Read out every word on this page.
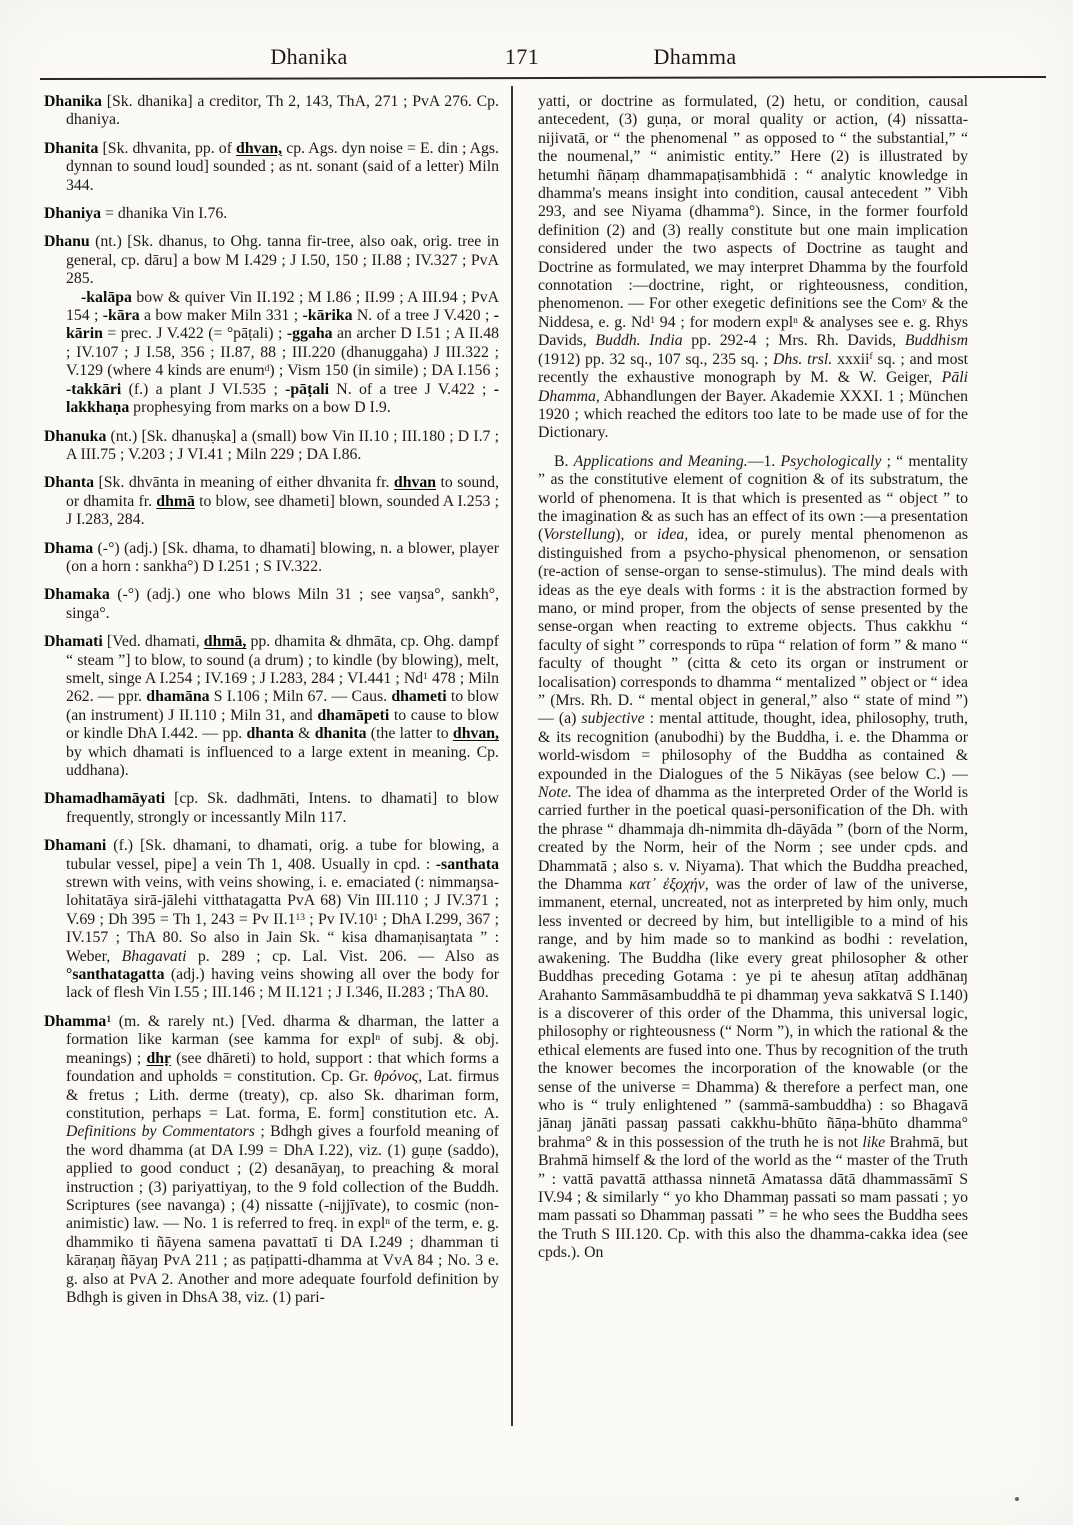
Dhanika	171	Dhamma

Dhanika [Sk. dhanika] a creditor, Th 2, 143, ThA, 271 ; PvA 276. Cp. dhaniya.

Dhanita [Sk. dhvanita, pp. of dhvan, cp. Ags. dyn noise = E. din ; Ags. dynnan to sound loud] sounded ; as nt. sonant (said of a letter) Miln 344.

Dhaniya = dhanika Vin I.76.

Dhanu (nt.) [Sk. dhanus, to Ohg. tanna fir-tree, also oak, orig. tree in general, cp. dāru] a bow M I.429 ; J I.50, 150 ; II.88 ; IV.327 ; PvA 285.

-kalāpa bow & quiver Vin II.192 ; M I.86 ; II.99 ; A III.94 ; PvA 154 ; -kāra a bow maker Miln 331 ; -kārika N. of a tree J V.420 ; -kārin = prec. J V.422 (= °pāṭali) ; -ggaha an archer D I.51 ; A II.48 ; IV.107 ; J I.58, 356 ; II.87, 88 ; III.220 (dhanuggaha) J III.322 ; V.129 (where 4 kinds are enum$^d$) ; Vism 150 (in simile) ; DA I.156 ; -takkāri (f.) a plant J VI.535 ; -pāṭali N. of a tree J V.422 ; -lakkhaṇa prophesying from marks on a bow D I.9.

Dhanuka (nt.) [Sk. dhanuṣka] a (small) bow Vin II.10 ; III.180 ; D I.7 ; A III.75 ; V.203 ; J VI.41 ; Miln 229 ; DA I.86.

Dhanta [Sk. dhvānta in meaning of either dhvanita fr. dhvan to sound, or dhamita fr. dhmā to blow, see dhameti] blown, sounded A I.253 ; J I.283, 284.

Dhama (-°) (adj.) [Sk. dhama, to dhamati] blowing, n. a blower, player (on a horn : sankha°) D I.251 ; S IV.322.

Dhamaka (-°) (adj.) one who blows Miln 31 ; see vaŋsa°, sankh°, singa°.

Dhamati [Ved. dhamati, dhmā, pp. dhamita & dhmāta, cp. Ohg. dampf “ steam ”] to blow, to sound (a drum) ; to kindle (by blowing), melt, smelt, singe A I.254 ; IV.169 ; J I.283, 284 ; VI.441 ; Nd$^1$ 478 ; Miln 262. — ppr. dhamāna S I.106 ; Miln 67. — Caus. dhameti to blow (an instrument) J II.110 ; Miln 31, and dhamāpeti to cause to blow or kindle DhA I.442. — pp. dhanta & dhanita (the latter to dhvan, by which dhamati is influenced to a large extent in meaning. Cp. uddhana).

Dhamadhamāyati [cp. Sk. dadhmāti, Intens. to dhamati] to blow frequently, strongly or incessantly Miln 117.

Dhamani (f.) [Sk. dhamani, to dhamati, orig. a tube for blowing, a tubular vessel, pipe] a vein Th 1, 408. Usually in cpd. : -santhata strewn with veins, with veins showing, i. e. emaciated (: nimmaŋsa-lohitatāya sirā-jālehi vitthatagatta PvA 68) Vin III.110 ; J IV.371 ; V.69 ; Dh 395 = Th 1, 243 = Pv $II.1^{13}$ ; Pv $IV.10^1$ ; DhA I.299, 367 ; IV.157 ; ThA 80. So also in Jain Sk. “ kisa dhamaṇisaŋtata ” : Weber, Bhagavati p. 289 ; cp. Lal. Vist. 206. — Also as °santhatagatta (adj.) having veins showing all over the body for lack of flesh Vin I.55 ; III.146 ; M II.121 ; J I.346, II.283 ; ThA 80.

Dhamma$^1$ (m. & rarely nt.) [Ved. dharma & dharman, the latter a formation like karman (see kamma for expl$^n$ of subj. & obj. meanings) ; dhṛ (see dhāreti) to hold, support : that which forms a foundation and upholds = constitution. Cp. Gr. θρόνος, Lat. firmus & fretus ; Lith. derme (treaty), cp. also Sk. dhariman form, constitution, perhaps = Lat. forma, E. form] constitution etc. A. Definitions by Commentators ; Bdhgh gives a fourfold meaning of the word dhamma (at DA I.99 = DhA I.22), viz. (1) guṇe (saddo), applied to good conduct ; (2) desanāyaŋ, to preaching & moral instruction ; (3) pariyattiyaŋ, to the 9 fold collection of the Buddh. Scriptures (see navanga) ; (4) nissatte (-nijjīvate), to cosmic (non-animistic) law. — No. 1 is referred to freq. in expl$^n$ of the term, e. g. dhammiko ti ñāyena samena pavattatī ti DA I.249 ; dhamman ti kāraṇaŋ ñāyaŋ PvA 211 ; as paṭipatti-dhamma at VvA 84 ; No. 3 e. g. also at PvA 2. Another and more adequate fourfold definition by Bdhgh is given in DhsA 38, viz. (1) pari-

yatti, or doctrine as formulated, (2) hetu, or condition, causal antecedent, (3) guṇa, or moral quality or action, (4) nissatta-nijivatā, or “ the phenomenal ” as opposed to “ the substantial,” “ the noumenal,” “ animistic entity.” Here (2) is illustrated by hetumhi ñāṇaṃ dhammapaṭisambhidā : “ analytic knowledge in dhamma's means insight into condition, causal antecedent ” Vibh 293, and see Niyama (dhamma°). Since, in the former fourfold definition (2) and (3) really constitute but one main implication considered under the two aspects of Doctrine as taught and Doctrine as formulated, we may interpret Dhamma by the fourfold connotation :—doctrine, right, or righteousness, condition, phenomenon. — For other exegetic definitions see the Com$^y$ & the Niddesa, e. g. Nd$^1$ 94 ; for modern expl$^n$ & analyses see e. g. Rhys Davids, Buddh. India pp. 292-4 ; Mrs. Rh. Davids, Buddhism (1912) pp. 32 sq., 107 sq., 235 sq. ; Dhs. trsl. xxxii$^f$ sq. ; and most recently the exhaustive monograph by M. & W. Geiger, Pāli Dhamma, Abhandlungen der Bayer. Akademie XXXI. 1 ; München 1920 ; which reached the editors too late to be made use of for the Dictionary.

B. Applications and Meaning.—1. Psychologically ; “ mentality ” as the constitutive element of cognition & of its substratum, the world of phenomena. It is that which is presented as “ object ” to the imagination & as such has an effect of its own :—a presentation (Vorstellung), or idea, idea, or purely mental phenomenon as distinguished from a psycho-physical phenomenon, or sensation (re-action of sense-organ to sense-stimulus). The mind deals with ideas as the eye deals with forms : it is the abstraction formed by mano, or mind proper, from the objects of sense presented by the sense-organ when reacting to extreme objects. Thus cakkhu “ faculty of sight ” corresponds to rūpa “ relation of form ” & mano “ faculty of thought ” (citta & ceto its organ or instrument or localisation) corresponds to dhamma “ mentalized ” object or “ idea ” (Mrs. Rh. D. “ mental object in general,” also “ state of mind ”) — (a) subjective : mental attitude, thought, idea, philosophy, truth, & its recognition (anubodhi) by the Buddha, i. e. the Dhamma or world-wisdom = philosophy of the Buddha as contained & expounded in the Dialogues of the 5 Nikāyas (see below C.) — Note. The idea of dhamma as the interpreted Order of the World is carried further in the poetical quasi-personification of the Dh. with the phrase “ dhammaja dh-nimmita dh-dāyāda ” (born of the Norm, created by the Norm, heir of the Norm ; see under cpds. and Dhammatā ; also s. v. Niyama). That which the Buddha preached, the Dhamma κατ᾽ ἐξοχήν, was the order of law of the universe, immanent, eternal, uncreated, not as interpreted by him only, much less invented or decreed by him, but intelligible to a mind of his range, and by him made so to mankind as bodhi : revelation, awakening. The Buddha (like every great philosopher & other Buddhas preceding Gotama : ye pi te ahesuŋ atītaŋ addhānaŋ Arahanto Sammāsambuddhā te pi dhammaŋ yeva sakkatvā S I.140) is a discoverer of this order of the Dhamma, this universal logic, philosophy or righteousness (“ Norm ”), in which the rational & the ethical elements are fused into one. Thus by recognition of the truth the knower becomes the incorporation of the knowable (or the sense of the universe = Dhamma) & therefore a perfect man, one who is “ truly enlightened ” (sammā-sambuddha) : so Bhagavā jānaŋ jānāti passaŋ passati cakkhu-bhūto ñāṇa-bhūto dhamma° brahma° & in this possession of the truth he is not like Brahmā, but Brahmā himself & the lord of the world as the “ master of the Truth ” : vattā pavattā atthassa ninnetā Amatassa dātā dhammassāmī S IV.94 ; & similarly “ yo kho Dhammaŋ passati so mam passati ; yo mam passati so Dhammaŋ passati ” = he who sees the Buddha sees the Truth S III.120. Cp. with this also the dhamma-cakka idea (see cpds.). On
